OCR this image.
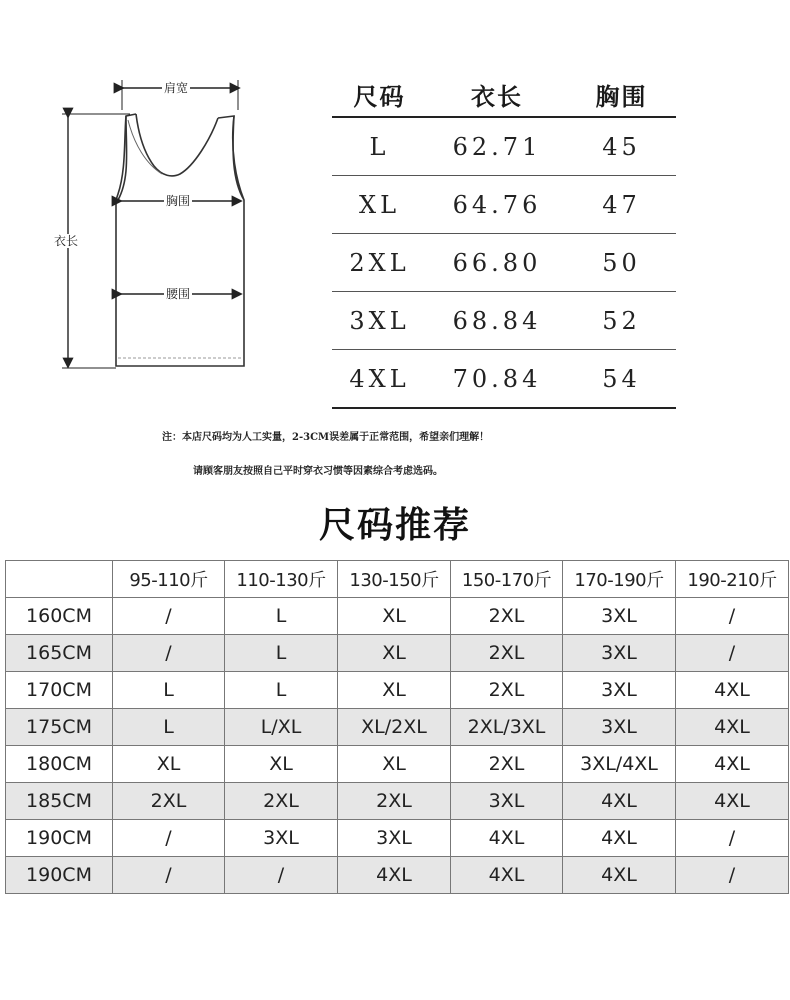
肩宽
胸围
衣长
腰围
尺码	衣长	胸围
L	62.71	45
XL	64.76	47
2XL	66.80	50
3XL	68.84	52
4XL	70.84	54
注：本店尺码均为人工实量，2-3CM误差属于正常范围，希望亲们理解！
请顾客朋友按照自己平时穿衣习惯等因素综合考虑选码。
尺码推荐
	95-110斤	110-130斤	130-150斤	150-170斤	170-190斤	190-210斤
160CM	/	L	XL	2XL	3XL	/
165CM	/	L	XL	2XL	3XL	/
170CM	L	L	XL	2XL	3XL	4XL
175CM	L	L/XL	XL/2XL	2XL/3XL	3XL	4XL
180CM	XL	XL	XL	2XL	3XL/4XL	4XL
185CM	2XL	2XL	2XL	3XL	4XL	4XL
190CM	/	3XL	3XL	4XL	4XL	/
190CM	/	/	4XL	4XL	4XL	/
